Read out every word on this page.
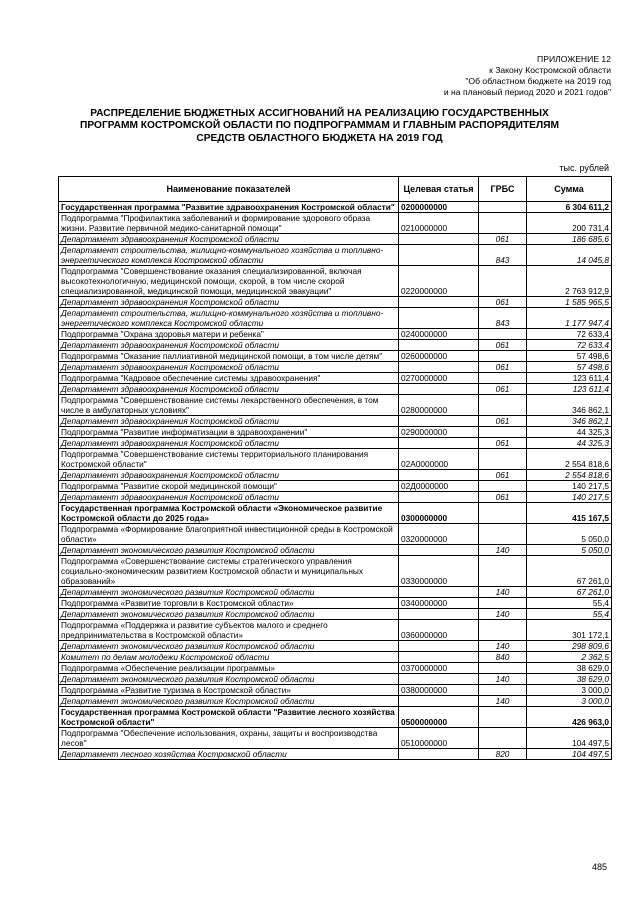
ПРИЛОЖЕНИЕ 12
к Закону Костромской области
"Об областном бюджете на 2019 год
и на плановый период 2020 и 2021 годов"
РАСПРЕДЕЛЕНИЕ БЮДЖЕТНЫХ АССИГНОВАНИЙ НА РЕАЛИЗАЦИЮ ГОСУДАРСТВЕННЫХ
ПРОГРАММ КОСТРОМСКОЙ ОБЛАСТИ ПО ПОДПРОГРАММАМ И ГЛАВНЫМ РАСПОРЯДИТЕЛЯМ
СРЕДСТВ ОБЛАСТНОГО БЮДЖЕТА НА 2019 ГОД
тыс. рублей
Наименование показателей	Целевая статья	ГРБС	Сумма
Государственная программа "Развитие здравоохранения Костромской области"	0200000000		6 304 611,2
Подпрограмма "Профилактика заболеваний и формирование здорового образа жизни. Развитие первичной медико-санитарной помощи"	0210000000		200 731,4
Департамент здравоохранения Костромской области		061	186 685,6
Департамент строительства, жилищно-коммунального хозяйства и топливно-энергетического комплекса Костромской области		843	14 045,8
Подпрограмма "Совершенствование оказания специализированной, включая высокотехнологичную, медицинской помощи, скорой, в том числе скорой специализированной, медицинской помощи, медицинской эвакуации"	0220000000		2 763 912,9
Департамент здравоохранения Костромской области		061	1 585 965,5
Департамент строительства, жилищно-коммунального хозяйства и топливно-энергетического комплекса Костромской области		843	1 177 947,4
Подпрограмма "Охрана здоровья матери и ребенка"	0240000000		72 633,4
Департамент здравоохранения Костромской области		061	72 633,4
Подпрограмма "Оказание паллиативной медицинской помощи, в том числе детям"	0260000000		57 498,6
Департамент здравоохранения Костромской области		061	57 498,6
Подпрограмма "Кадровое обеспечение системы здравоохранения"	0270000000		123 611,4
Департамент здравоохранения Костромской области		061	123 611,4
Подпрограмма "Совершенствование системы лекарственного обеспечения, в том числе в амбулаторных условиях"	0280000000		346 862,1
Департамент здравоохранения Костромской области		061	346 862,1
Подпрограмма "Развитие информатизации в здравоохранении"	0290000000		44 325,3
Департамент здравоохранения Костромской области		061	44 325,3
Подпрограмма "Совершенствование системы территориального планирования Костромской области"	02А0000000		2 554 818,6
Департамент здравоохранения Костромской области		061	2 554 818,6
Подпрограмма "Развитие скорой медицинской помощи"	02Д0000000		140 217,5
Департамент здравоохранения Костромской области		061	140 217,5
Государственная программа Костромской области «Экономическое развитие Костромской области до 2025 года»	0300000000		415 167,5
Подпрограмма «Формирование благоприятной инвестиционной среды в Костромской области»	0320000000		5 050,0
Департамент экономического развития Костромской области		140	5 050,0
Подпрограмма «Совершенствование системы стратегического управления социально-экономическим развитием Костромской области и муниципальных образований»	0330000000		67 261,0
Департамент экономического развития Костромской области		140	67 261,0
Подпрограмма «Развитие торговли в Костромской области»	0340000000		55,4
Департамент экономического развития Костромской области		140	55,4
Подпрограмма «Поддержка и развитие субъектов малого и среднего предпринимательства в Костромской области»	0360000000		301 172,1
Департамент экономического развития Костромской области		140	298 809,6
Комитет по делам молодежи Костромской области		840	2 362,5
Подпрограмма «Обеспечение реализации программы»	0370000000		38 629,0
Департамент экономического развития Костромской области		140	38 629,0
Подпрограмма «Развитие туризма в Костромской области»	0380000000		3 000,0
Департамент экономического развития Костромской области		140	3 000,0
Государственная программа Костромской области "Развитие лесного хозяйства Костромской области"	0500000000		426 963,0
Подпрограмма "Обеспечение использования, охраны, защиты и воспроизводства лесов"	0510000000		104 497,5
Департамент лесного хозяйства Костромской области		820	104 497,5
485
